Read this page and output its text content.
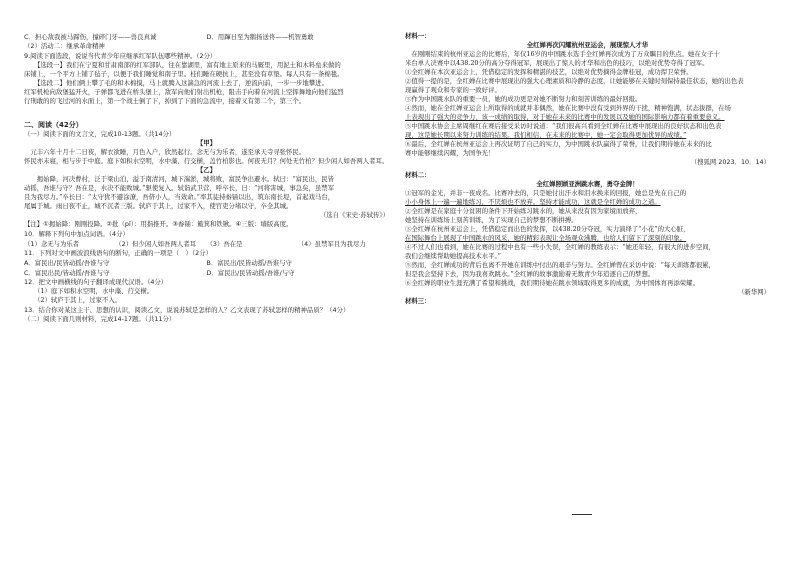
C．担心敌我被马蹄伤，撞碎门牙——兽良真诚	D．用蹿日至为鹅扬送佟——机智勇敢
（2）活动二：继承革命精神
9.阅读下面选段，说说当代青少年应继承红军队伍哪些精神。（2分）
【选段一】我们在宁夏和甘肃南部的红军部队，往在靠湖里，富有地主原来的马厩里，用泥土和木料垒来做的
床铺上，一个平方上铺了毡子，以便于我们睡觉和南子里。桂们睡在硬抗上，甚至没有草垫。每人只有一条棉毯。
【选段二】他们俩上攀了毛的和木棉摸，马上就腾入这湍急的河流上去了，逆流向前，一步一步地攀进。
红军机枪向敌堡猛开火，子弹都飞进在桥头堡上，敌军向他们射出机枪，阻击手向着在河流上空挥舞地向他们猛烈
行刑敢的的飞过河的水面上，第一个战士倒了下，掉到了下面的急流中，接着又有第二个，第三个。
二、阅读（42分）
（一）阅读下面的文言文，完成10-13题。（共14分）
【甲】
　元丰六年十月十二日夜，解衣欲睡，月色入户，欣然起行。念无与为乐者，遂至承天寺寻张怀民。
怀民亦未寝，相与步于中庭。庭下如积水空明，水中藻、荇交横，盖竹柏影也。何夜无月？何处无竹柏？但少闲人如吾两人者耳。
【乙】
　　揭始降，河决曹村，泛于梁山泊，溢于南清河，城下湍淤，城将败，富民争出避水。轼曰：“富民出，民皆
动摇，吾谁与守？吾在是，水决不能败城。”驱使复入。轼诣武卫营，呼卒长，曰：“河将害城，事急矣，虽禁军
且为我尽力。”卒长曰：“太守犹不避涂潦，吾侪小人，当效命。”率其徒持畚锸以出，筑东南长堤，首起戏马台，
尾属于城。雨日夜不止，城不沉者三版。轼庐于其上，过家不入，使官吏分堵以守，卒全其城。
（选自《宋史·苏轼传》）
【注】①揭始降：刚刚投降。②批（pī）：用指推开。③畚锸：簸箕和铁锹。④三版：墙版高度。
10．解释下列句中加点词语。（4分）
（1）念无与为乐者	（2）但少闲人如吾两人者耳	（3）吾在是	（4）虽禁军且为我尽力
11．下列对文中画波浪线语句的断句，正确的一项是（　）（2分）
A．富民出/民皆动摇/吾谁与守	B．富民出/民皆动摇/吾谁与守
C．富民出民/皆动摇/吾谁与守	D．富民出/民皆动摇/吾谁/与守
12．把文中画横线的句子翻译成现代汉语。（4分）
（1）庭下如积水空明，水中藻、荇交横。
（2）轼庐于其上，过家不入。
13．结合你对某这主干、思想的认识，阅读乙文，说说苏轼是怎样的人？乙文表现了苏轼怎样的精神品质？（4分）
（二）阅读下面几则材料，完成14-17题。（共11分）
材料一：
全红婵再次闪耀杭州亚运会，展现惊人才华
　在刚刚结束的杭州亚运会的比赛后，年仅16岁的中国跳水选手全红婵再次成为了万众瞩目的焦点。她在女子十
米台单人决赛中以438.20分的高分夺得冠军，展现出了惊人的才华和出色的技巧，以绝对优势夺得了冠军。
①全红婵在本次亚运会上，凭借稳定的发挥和精湛的技艺，以绝对优势摘得金牌桂冠，成功捍卫荣誉。
②值得一提的是，全红婵在比赛中展现出的强大心理素质和冷静的态度，让她能够在关键时刻保持最佳状态，她的出色表
现赢得了观众和专家的一致好评。
③作为中国跳水队的重要一员，她的成功更是对她不断努力和刻苦训练的最好回报。
④然而，她在全红婵亚运会上所取得的成就并非偶然，她在比赛中没有受到外界的干扰，精神饱满，状态拔群，在场
上表现出了强大的竞争力，该一成绩的取得，对于她在未来的比赛中的发展以及她的国际影响力都有着重要意义。
⑤中国跳水协会主席周继红在赛后接受采访时说道：“我们很高兴看到全红婵在比赛中展现出的良好状态和出色表
现，这是她长期以来努力训练的结果。我们相信，在未来的比赛中，她一定会取得更加优异的成绩。”
⑥最后，全红婵在杭州亚运会上再次证明了自己的实力，为中国跳水队赢得了荣誉，让我们期待她在未来的比
赛中能够继续闪耀，为国争光！
（搜狐网 2023．10．14）
材料二：
全红婵照顾亚洲跳水赛，勇夺金牌！
①冠军的金光，并非一夜成名。比赛冲去的，只是她付出汗水和泪水换来的回报，她总是先在自己的
小小身体上一遍一遍地练习，不厌烦也不放弃。坚持才能成功，这就是全红婵的成功之道。
②全红婵是在家庭十分贫困的条件下开始练习跳水的，她从来没有因为家境而放弃，
她坚持在训练场上刻苦训练，为了实现自己的梦想不断拼搏。
③全红婵在杭州亚运会上，凭借稳定而出色的发挥，以438.20分夺冠，实力演绎了“小花”的大心脏，
在国际舞台上展现了中国跳水的风采，她的精彩表现让全场观众沸腾，也给人们留下了深刻的印象。
④不过人们也看到，她在比赛的过程中也有一些小失误，全红婵的教练表示：“她还年轻，有很大的进步空间，
我们会继续帮助她提高技术水平。”
⑤然而，全红婵成功的背后也离不开她在训练中付出的艰辛与努力。全红婵曾在采访中说：“每天训练都很累，
但是我会坚持下去，因为我喜欢跳水。”全红婵的故事激励着无数青少年追逐自己的梦想。
⑥全红婵的职业生涯充满了希望和挑战，我们期待她在跳水领域取得更多的成就，为中国体育再添荣耀。
（新华网）
材料三：
